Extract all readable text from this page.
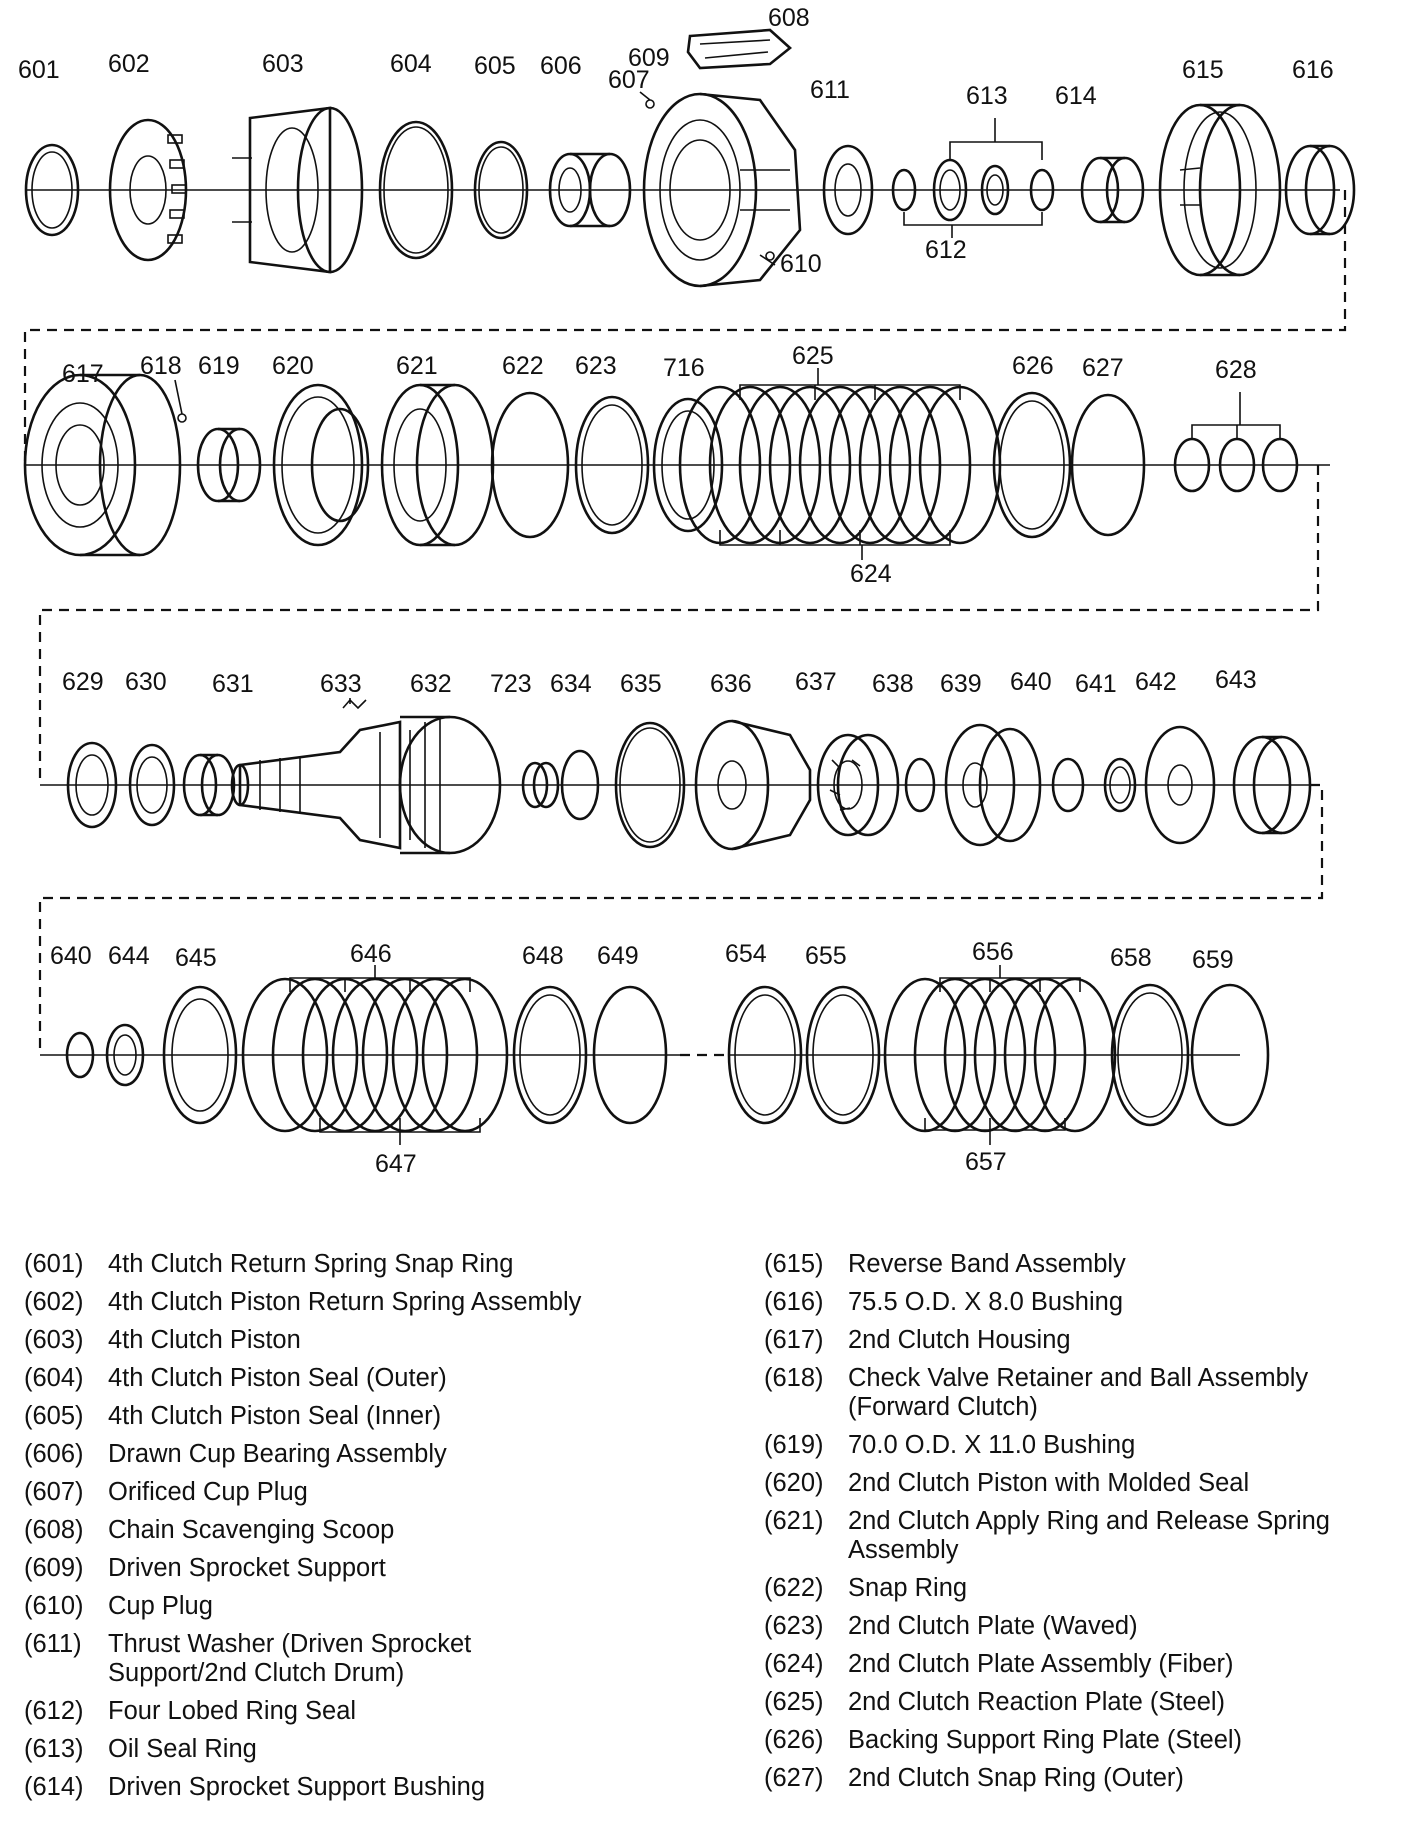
601 602	603	604 605 606 607
608
609
610
611
612
613 614
615	616
617 618 619 620	621	622 623 716	625	626 627	628
624
629 630 631	633 632 723 634 635 636 637 638 639 640 641 642 643
640 644 645	646	648 649	654 655	656	658 659
647	657
(601) 4th Clutch Return Spring Snap Ring
(602) 4th Clutch Piston Return Spring Assembly
(603) 4th Clutch Piston
(604) 4th Clutch Piston Seal (Outer)
(605) 4th Clutch Piston Seal (Inner)
(606) Drawn Cup Bearing Assembly
(607) Orificed Cup Plug
(608) Chain Scavenging Scoop
(609) Driven Sprocket Support
(610) Cup Plug
(611)	Thrust Washer (Driven Sprocket Support/2nd Clutch Drum)
(612) Four Lobed Ring Seal
(613) Oil Seal Ring
(614) Driven Sprocket Support Bushing
(615) Reverse Band Assembly
(616) 75.5 O.D. X 8.0 Bushing
(617) 2nd Clutch Housing
(618) Check Valve Retainer and Ball Assembly (Forward Clutch)
(619) 70.0 O.D. X 11.0 Bushing
(620) 2nd Clutch Piston with Molded Seal
(621) 2nd Clutch Apply Ring and Release Spring Assembly
(622) Snap Ring
(623) 2nd Clutch Plate (Waved)
(624) 2nd Clutch Plate Assembly (Fiber)
(625) 2nd Clutch Reaction Plate (Steel)
(626) Backing Support Ring Plate (Steel)
(627) 2nd Clutch Snap Ring (Outer)
